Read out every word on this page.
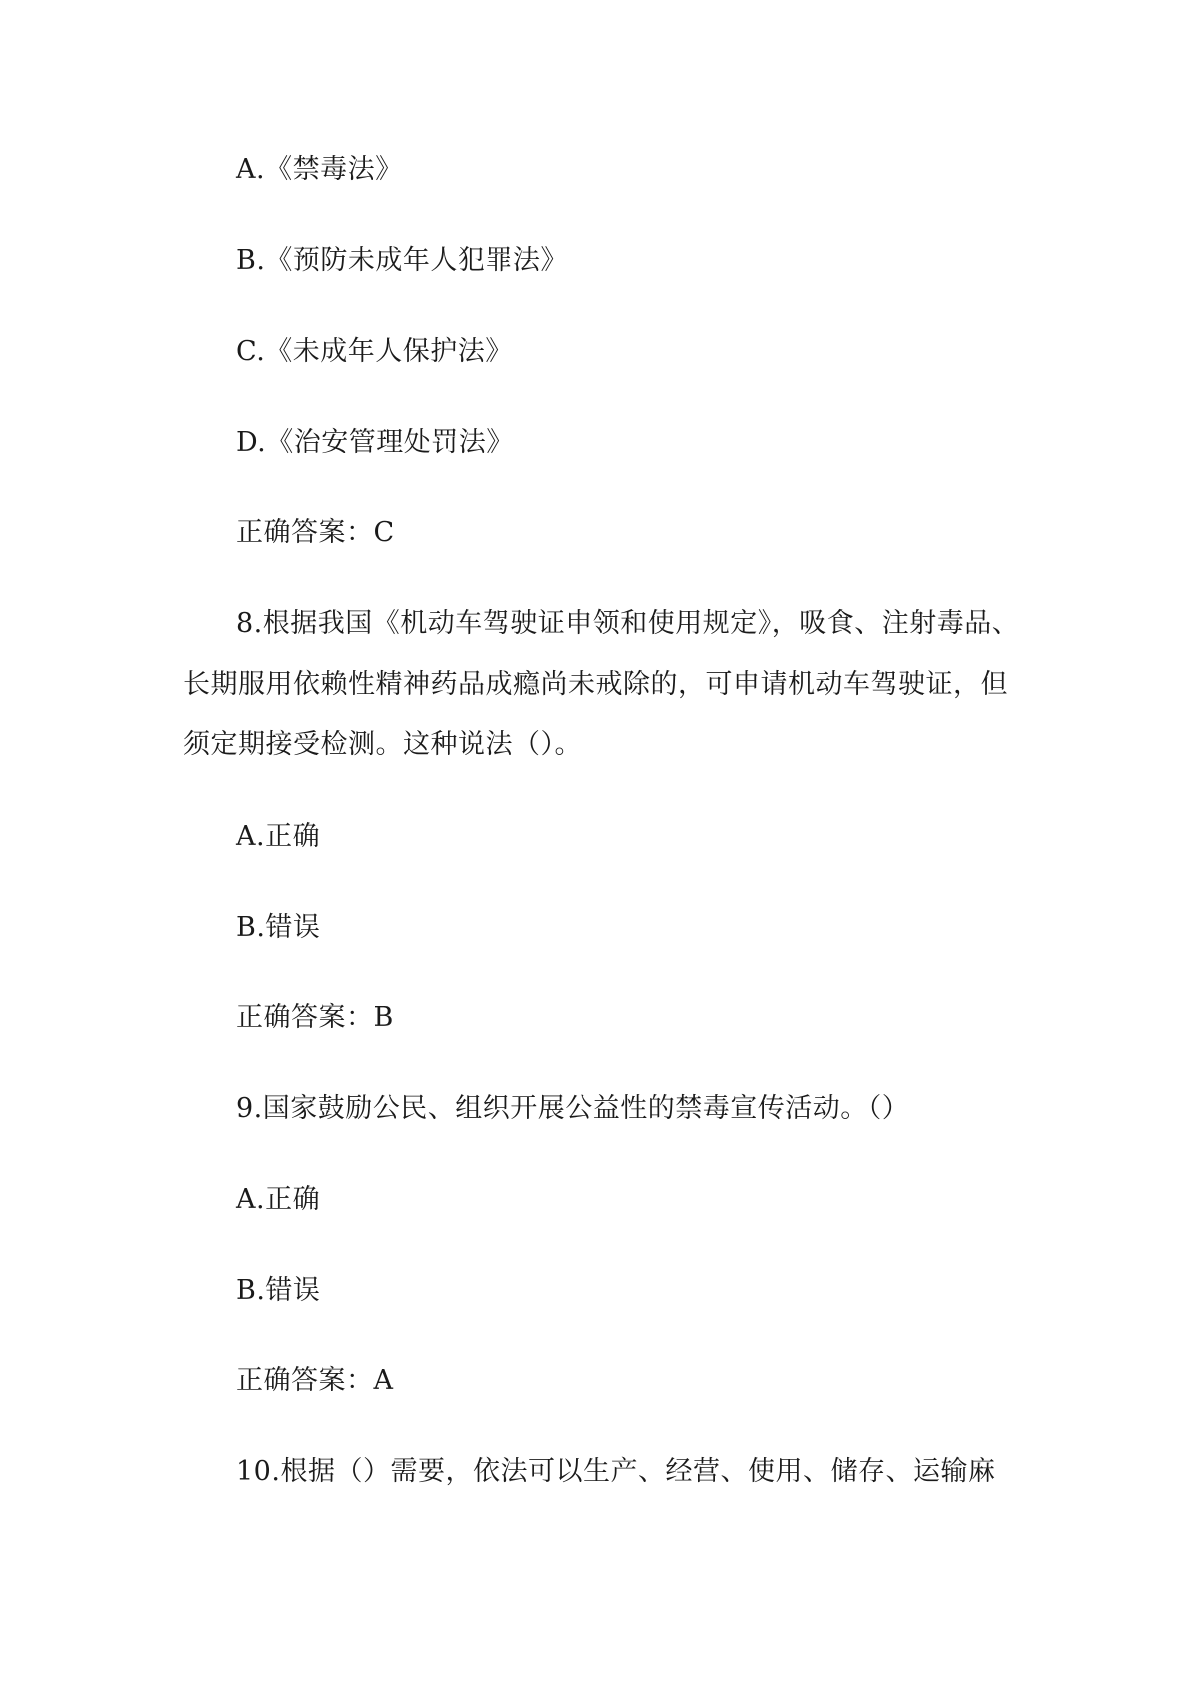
A.《禁毒法》
B.《预防未成年人犯罪法》
C.《未成年人保护法》
D.《治安管理处罚法》
正确答案：C
8.根据我国《机动车驾驶证申领和使用规定》，吸食、注射毒品、
长期服用依赖性精神药品成瘾尚未戒除的，可申请机动车驾驶证，但
须定期接受检测。这种说法（）。
A.正确
B.错误
正确答案：B
9.国家鼓励公民、组织开展公益性的禁毒宣传活动。（）
A.正确
B.错误
正确答案：A
10.根据（）需要，依法可以生产、经营、使用、储存、运输麻
